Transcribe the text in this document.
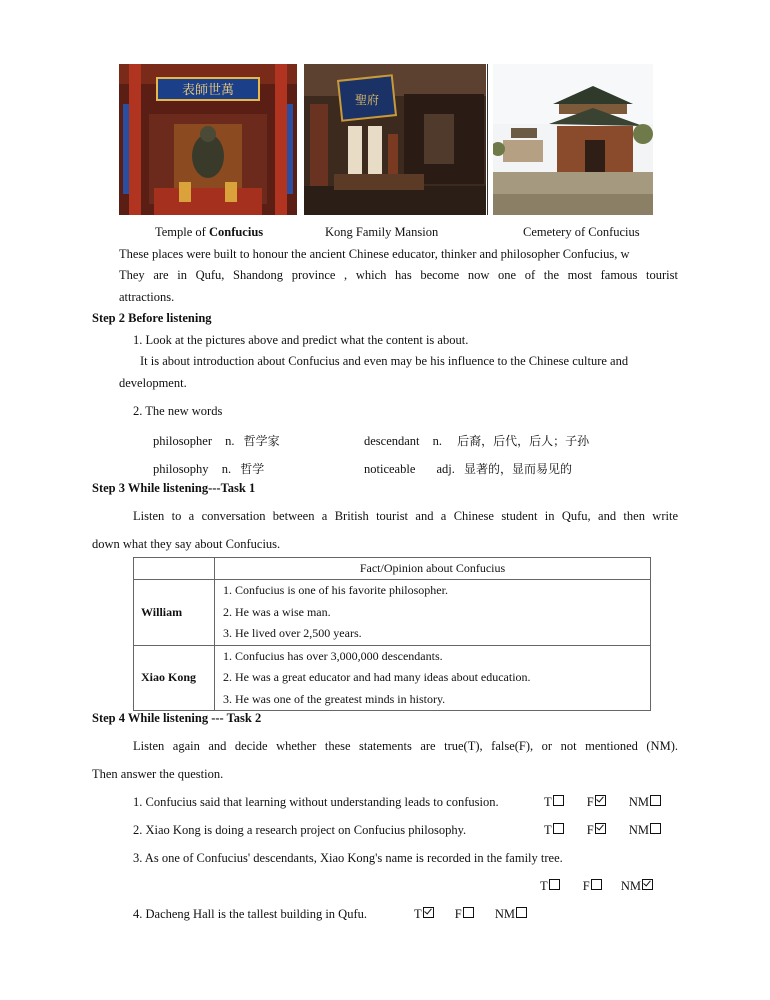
表師世萬
聖府
Temple of Confucius	Kong Family Mansion	Cemetery of Confucius
These places were built to honour the ancient Chinese educator, thinker and philosopher Confucius, w
They are in Qufu, Shandong province , which has become now one of the most famous tourist
attractions.
Step 2 Before listening
1. Look at the pictures above and predict what the content is about.
It is about introduction about Confucius and even may be his influence to the Chinese culture and
development.
2. The new words
philosopher n. 哲学家	descendant n. 后裔，后代，后人；子孙
philosophy n. 哲学	noticeable adj. 显著的，显而易见的
Step 3 While listening---Task 1
Listen to a conversation between a British tourist and a Chinese student in Qufu, and then write
down what they say about Confucius.
	Fact/Opinion about Confucius
William	1. Confucius is one of his favorite philosopher.
2. He was a wise man.
3. He lived over 2,500 years.

Xiao Kong	1. Confucius has over 3,000,000 descendants.
2. He was a great educator and had many ideas about education.
3. He was one of the greatest minds in history.
Step 4 While listening --- Task 2
Listen again and decide whether these statements are true(T), false(F), or not mentioned (NM).
Then answer the question.
1. Confucius said that learning without understanding leads to confusion.	T	F	NM
2. Xiao Kong is doing a research project on Confucius philosophy.	T	F	NM
3. As one of Confucius' descendants, Xiao Kong's name is recorded in the family tree.
T	F NM
4. Dacheng Hall is the tallest building in Qufu.	T	F	NM
